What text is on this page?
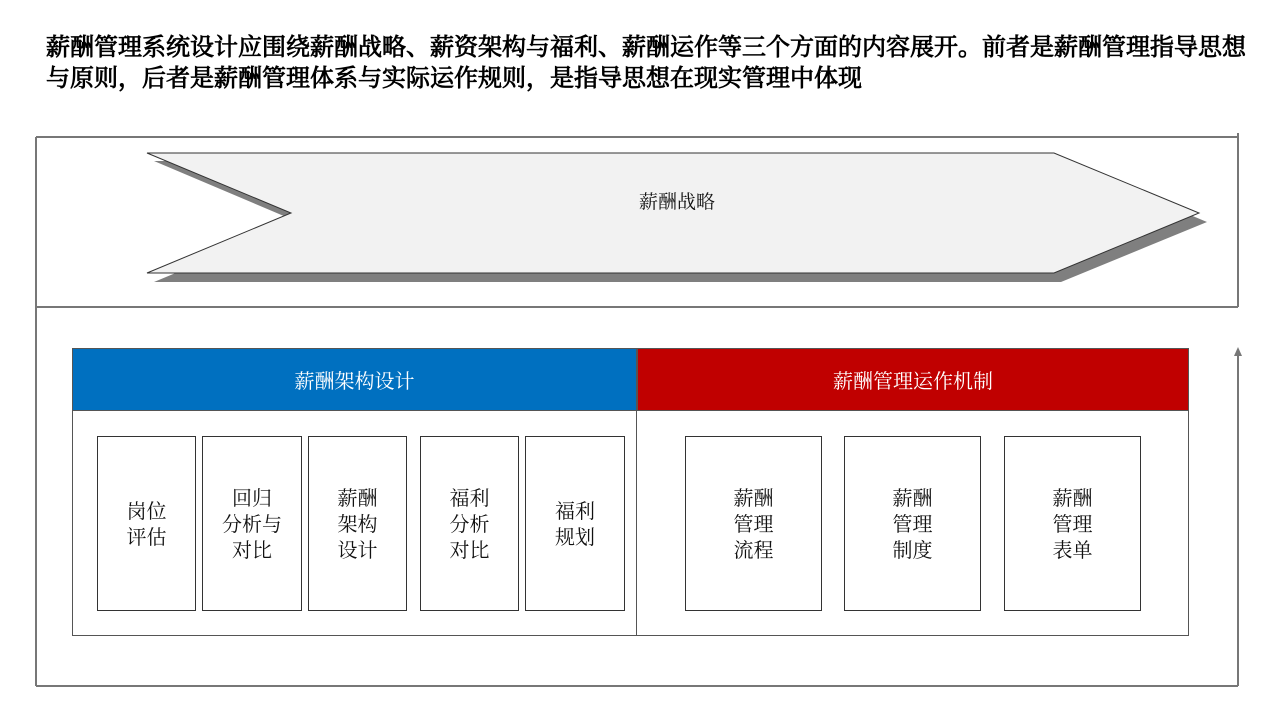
薪酬管理系统设计应围绕薪酬战略、薪资架构与福利、薪酬运作等三个方面的内容展开。前者是薪酬管理指导思想与原则，后者是薪酬管理体系与实际运作规则，是指导思想在现实管理中体现

薪酬战略
薪酬架构设计	薪酬管理运作机制
岗位
评估
回归
分析与
对比
薪酬
架构
设计
福利
分析
对比
福利
规划
薪酬
管理
流程
薪酬
管理
制度
薪酬
管理
表单
